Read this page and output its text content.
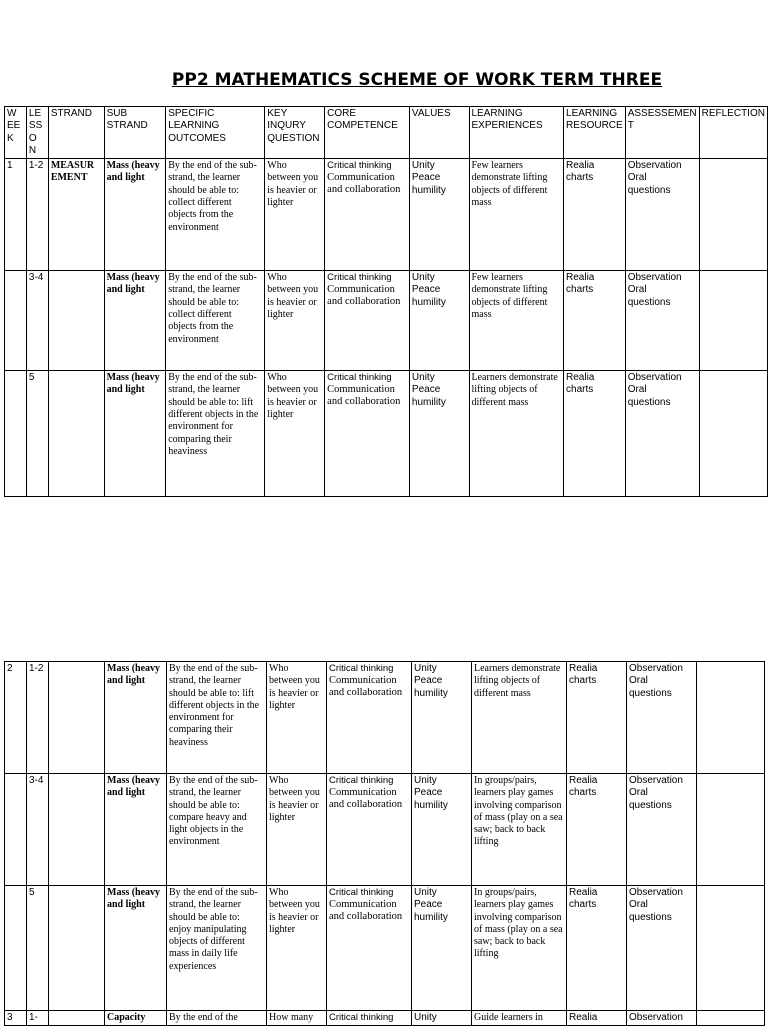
PP2 MATHEMATICS SCHEME OF WORK TERM THREE
W EE K	LE SS O N	STRAND	SUB STRAND	SPECIFIC LEARNING OUTCOMES	KEY INQURY QUESTION	CORE COMPETENCE	VALUES	LEARNING EXPERIENCES	LEARNING RESOURCE	ASSESSEMEN T	REFLECTION
1	1-2	MEASUR EMENT	Mass (heavy and light	By the end of the sub-strand, the learner should be able to: collect different objects from the environment	Who between you is heavier or lighter	Critical thinking
Communication and collaboration	Unity
Peace
humility	Few learners demonstrate lifting objects of different mass	Realia
charts	Observation
Oral
questions	

	3-4		Mass (heavy and light	By the end of the sub-strand, the learner should be able to: collect different objects from the environment	Who between you is heavier or lighter	Critical thinking
Communication and collaboration	Unity
Peace
humility	Few learners demonstrate lifting objects of different mass	Realia
charts	Observation
Oral
questions	

	5		Mass (heavy and light	By the end of the sub-strand, the learner should be able to: lift different objects in the environment for comparing their heaviness	Who between you is heavier or lighter	Critical thinking
Communication and collaboration	Unity
Peace
humility	Learners demonstrate lifting objects of different mass	Realia
charts	Observation
Oral
questions	

2	1-2		Mass (heavy and light	By the end of the sub-strand, the learner should be able to: lift different objects in the environment for comparing their heaviness	Who between you is heavier or lighter	Critical thinking
Communication and collaboration	Unity
Peace
humility	Learners demonstrate lifting objects of different mass	Realia
charts	Observation
Oral
questions	

	3-4		Mass (heavy and light	By the end of the sub-strand, the learner should be able to: compare heavy and light objects in the environment	Who between you is heavier or lighter	Critical thinking
Communication and collaboration	Unity
Peace
humility	In groups/pairs, learners play games involving comparison of mass (play on a sea saw; back to back lifting	Realia
charts	Observation
Oral
questions	

	5		Mass (heavy and light	By the end of the sub-strand, the learner should be able to: enjoy manipulating objects of different mass in daily life experiences	Who between you is heavier or lighter	Critical thinking
Communication and collaboration	Unity
Peace
humility	In groups/pairs, learners play games involving comparison of mass (play on a sea saw; back to back lifting	Realia
charts	Observation
Oral
questions	

3	1-		Capacity	By the end of the	How many	Critical thinking	Unity	Guide learners in	Realia	Observation	
